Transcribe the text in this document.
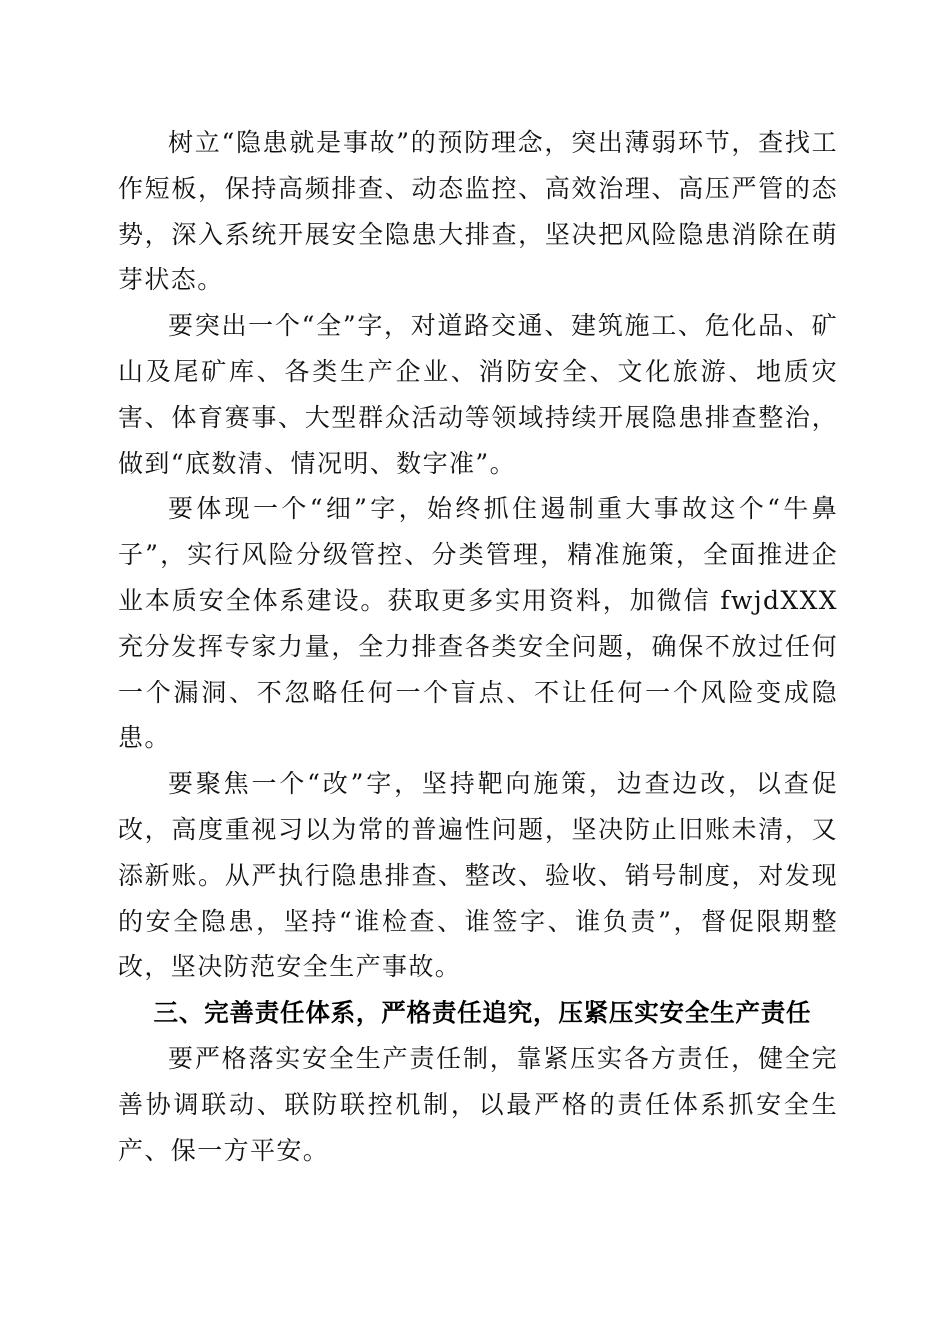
树立“隐患就是事故”的预防理念，突出薄弱环节，查找工作短板，保持高频排查、动态监控、高效治理、高压严管的态势，深入系统开展安全隐患大排查，坚决把风险隐患消除在萌芽状态。

要突出一个“全”字，对道路交通、建筑施工、危化品、矿山及尾矿库、各类生产企业、消防安全、文化旅游、地质灾害、体育赛事、大型群众活动等领域持续开展隐患排查整治，做到“底数清、情况明、数字准”。

要体现一个“细”字，始终抓住遏制重大事故这个“牛鼻子”，实行风险分级管控、分类管理，精准施策，全面推进企业本质安全体系建设。获取更多实用资料，加微信 fwjdXXX 充分发挥专家力量，全力排查各类安全问题，确保不放过任何一个漏洞、不忽略任何一个盲点、不让任何一个风险变成隐患。

要聚焦一个“改”字，坚持靶向施策，边查边改，以查促改，高度重视习以为常的普遍性问题，坚决防止旧账未清，又添新账。从严执行隐患排查、整改、验收、销号制度，对发现的安全隐患，坚持“谁检查、谁签字、谁负责”，督促限期整改，坚决防范安全生产事故。

三、完善责任体系，严格责任追究，压紧压实安全生产责任

要严格落实安全生产责任制，靠紧压实各方责任，健全完善协调联动、联防联控机制，以最严格的责任体系抓安全生产、保一方平安。
